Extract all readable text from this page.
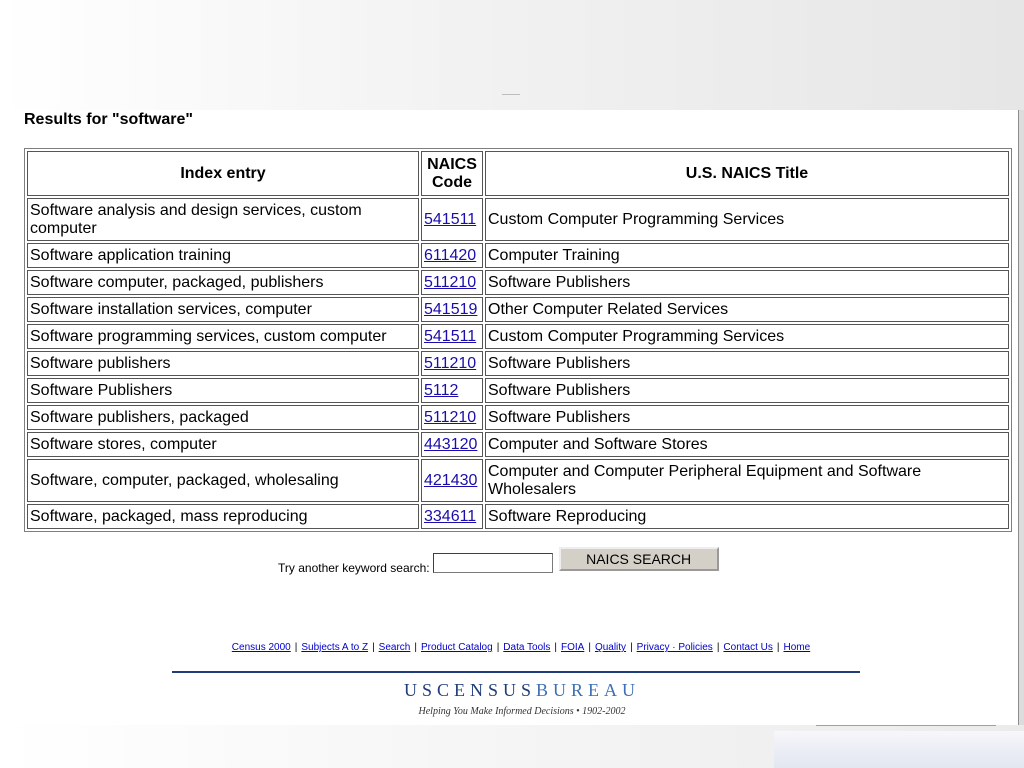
Results for "software"
Index entry	NAICS Code	U.S. NAICS Title
Software analysis and design services, custom computer	541511	Custom Computer Programming Services
Software application training	611420	Computer Training
Software computer, packaged, publishers	511210	Software Publishers
Software installation services, computer	541519	Other Computer Related Services
Software programming services, custom computer	541511	Custom Computer Programming Services
Software publishers	511210	Software Publishers
Software Publishers	5112	Software Publishers
Software publishers, packaged	511210	Software Publishers
Software stores, computer	443120	Computer and Software Stores
Software, computer, packaged, wholesaling	421430	Computer and Computer Peripheral Equipment and Software Wholesalers
Software, packaged, mass reproducing	334611	Software Reproducing
Try another keyword search:
NAICS SEARCH
Census 2000 | Subjects A to Z | Search | Product Catalog | Data Tools | FOIA | Quality | Privacy · Policies | Contact Us | Home
USCENSUSBUREAU
Helping You Make Informed Decisions • 1902-2002
